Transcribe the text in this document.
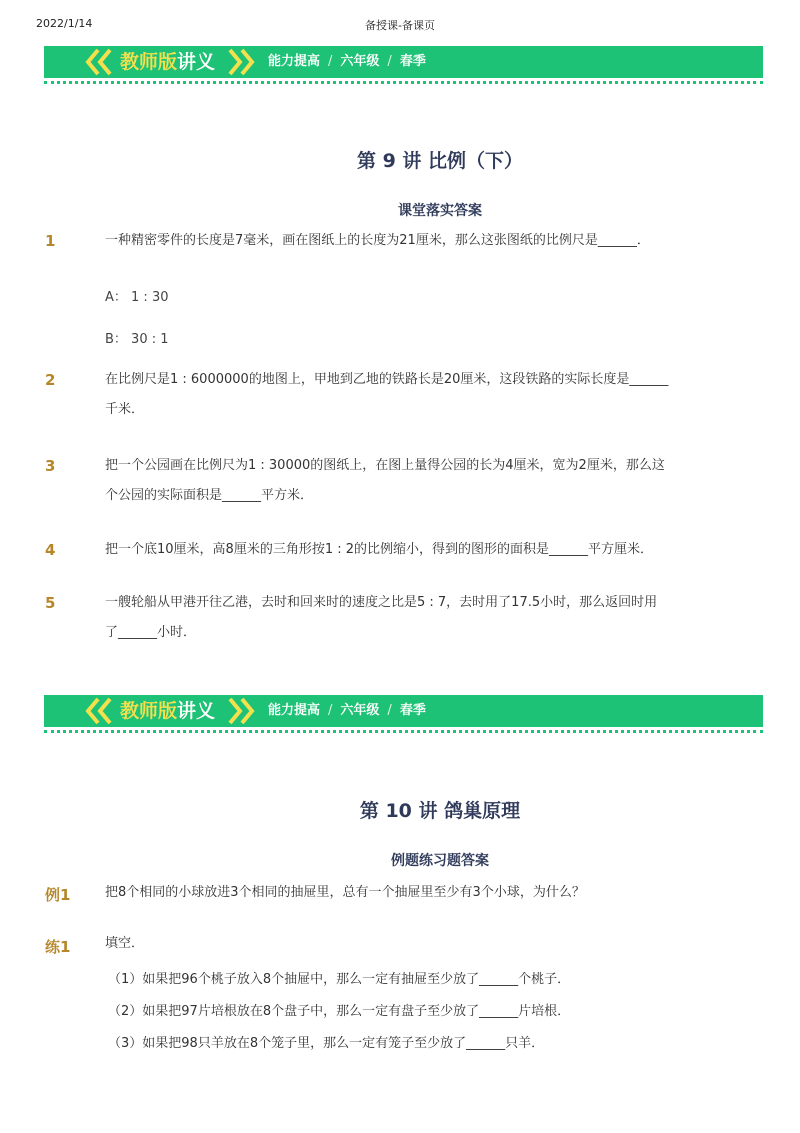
2022/1/14	备授课-备课页
教师版讲义	能力提高 / 六年级 / 春季
第 9 讲 比例（下）
课堂落实答案
1	一种精密零件的长度是7毫米，画在图纸上的长度为21厘米，那么这张图纸的比例尺是______．
A： 1 : 30
B： 30 : 1
2	在比例尺是1 : 6000000的地图上，甲地到乙地的铁路长是20厘米，这段铁路的实际长度是______
千米．
3	把一个公园画在比例尺为1 : 30000的图纸上，在图上量得公园的长为4厘米，宽为2厘米，那么这
个公园的实际面积是______平方米．
4	把一个底10厘米，高8厘米的三角形按1 : 2的比例缩小，得到的图形的面积是______平方厘米．
5	一艘轮船从甲港开往乙港，去时和回来时的速度之比是5 : 7，去时用了17.5小时，那么返回时用
了______小时．
教师版讲义	能力提高 / 六年级 / 春季
第 10 讲 鸽巢原理
例题练习题答案
例1	把8个相同的小球放进3个相同的抽屉里，总有一个抽屉里至少有3个小球，为什么？
练1	填空．
（1）如果把96个桃子放入8个抽屉中，那么一定有抽屉至少放了______个桃子．
（2）如果把97片培根放在8个盘子中，那么一定有盘子至少放了______片培根．
（3）如果把98只羊放在8个笼子里，那么一定有笼子至少放了______只羊．
